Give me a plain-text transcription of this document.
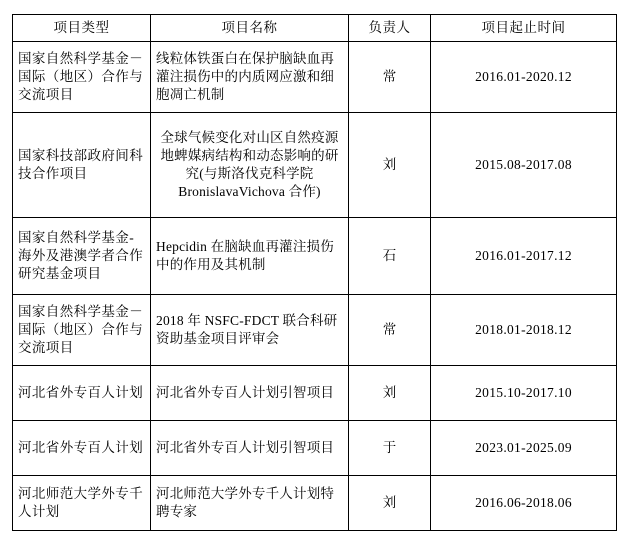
项目类型	项目名称	负责人	项目起止时间
国家自然科学基金－国际（地区）合作与交流项目	线粒体铁蛋白在保护脑缺血再灌注损伤中的内质网应激和细胞凋亡机制	常	2016.01-2020.12
国家科技部政府间科技合作项目	全球气候变化对山区自然疫源地蜱媒病结构和动态影响的研究(与斯洛伐克科学院 BronislavaVichova 合作)	刘	2015.08-2017.08
国家自然科学基金-海外及港澳学者合作研究基金项目	Hepcidin 在脑缺血再灌注损伤中的作用及其机制	石	2016.01-2017.12
国家自然科学基金－国际（地区）合作与交流项目	2018 年 NSFC-FDCT 联合科研资助基金项目评审会	常	2018.01-2018.12
河北省外专百人计划	河北省外专百人计划引智项目	刘	2015.10-2017.10
河北省外专百人计划	河北省外专百人计划引智项目	于	2023.01-2025.09
河北师范大学外专千人计划	河北师范大学外专千人计划特聘专家	刘	2016.06-2018.06
